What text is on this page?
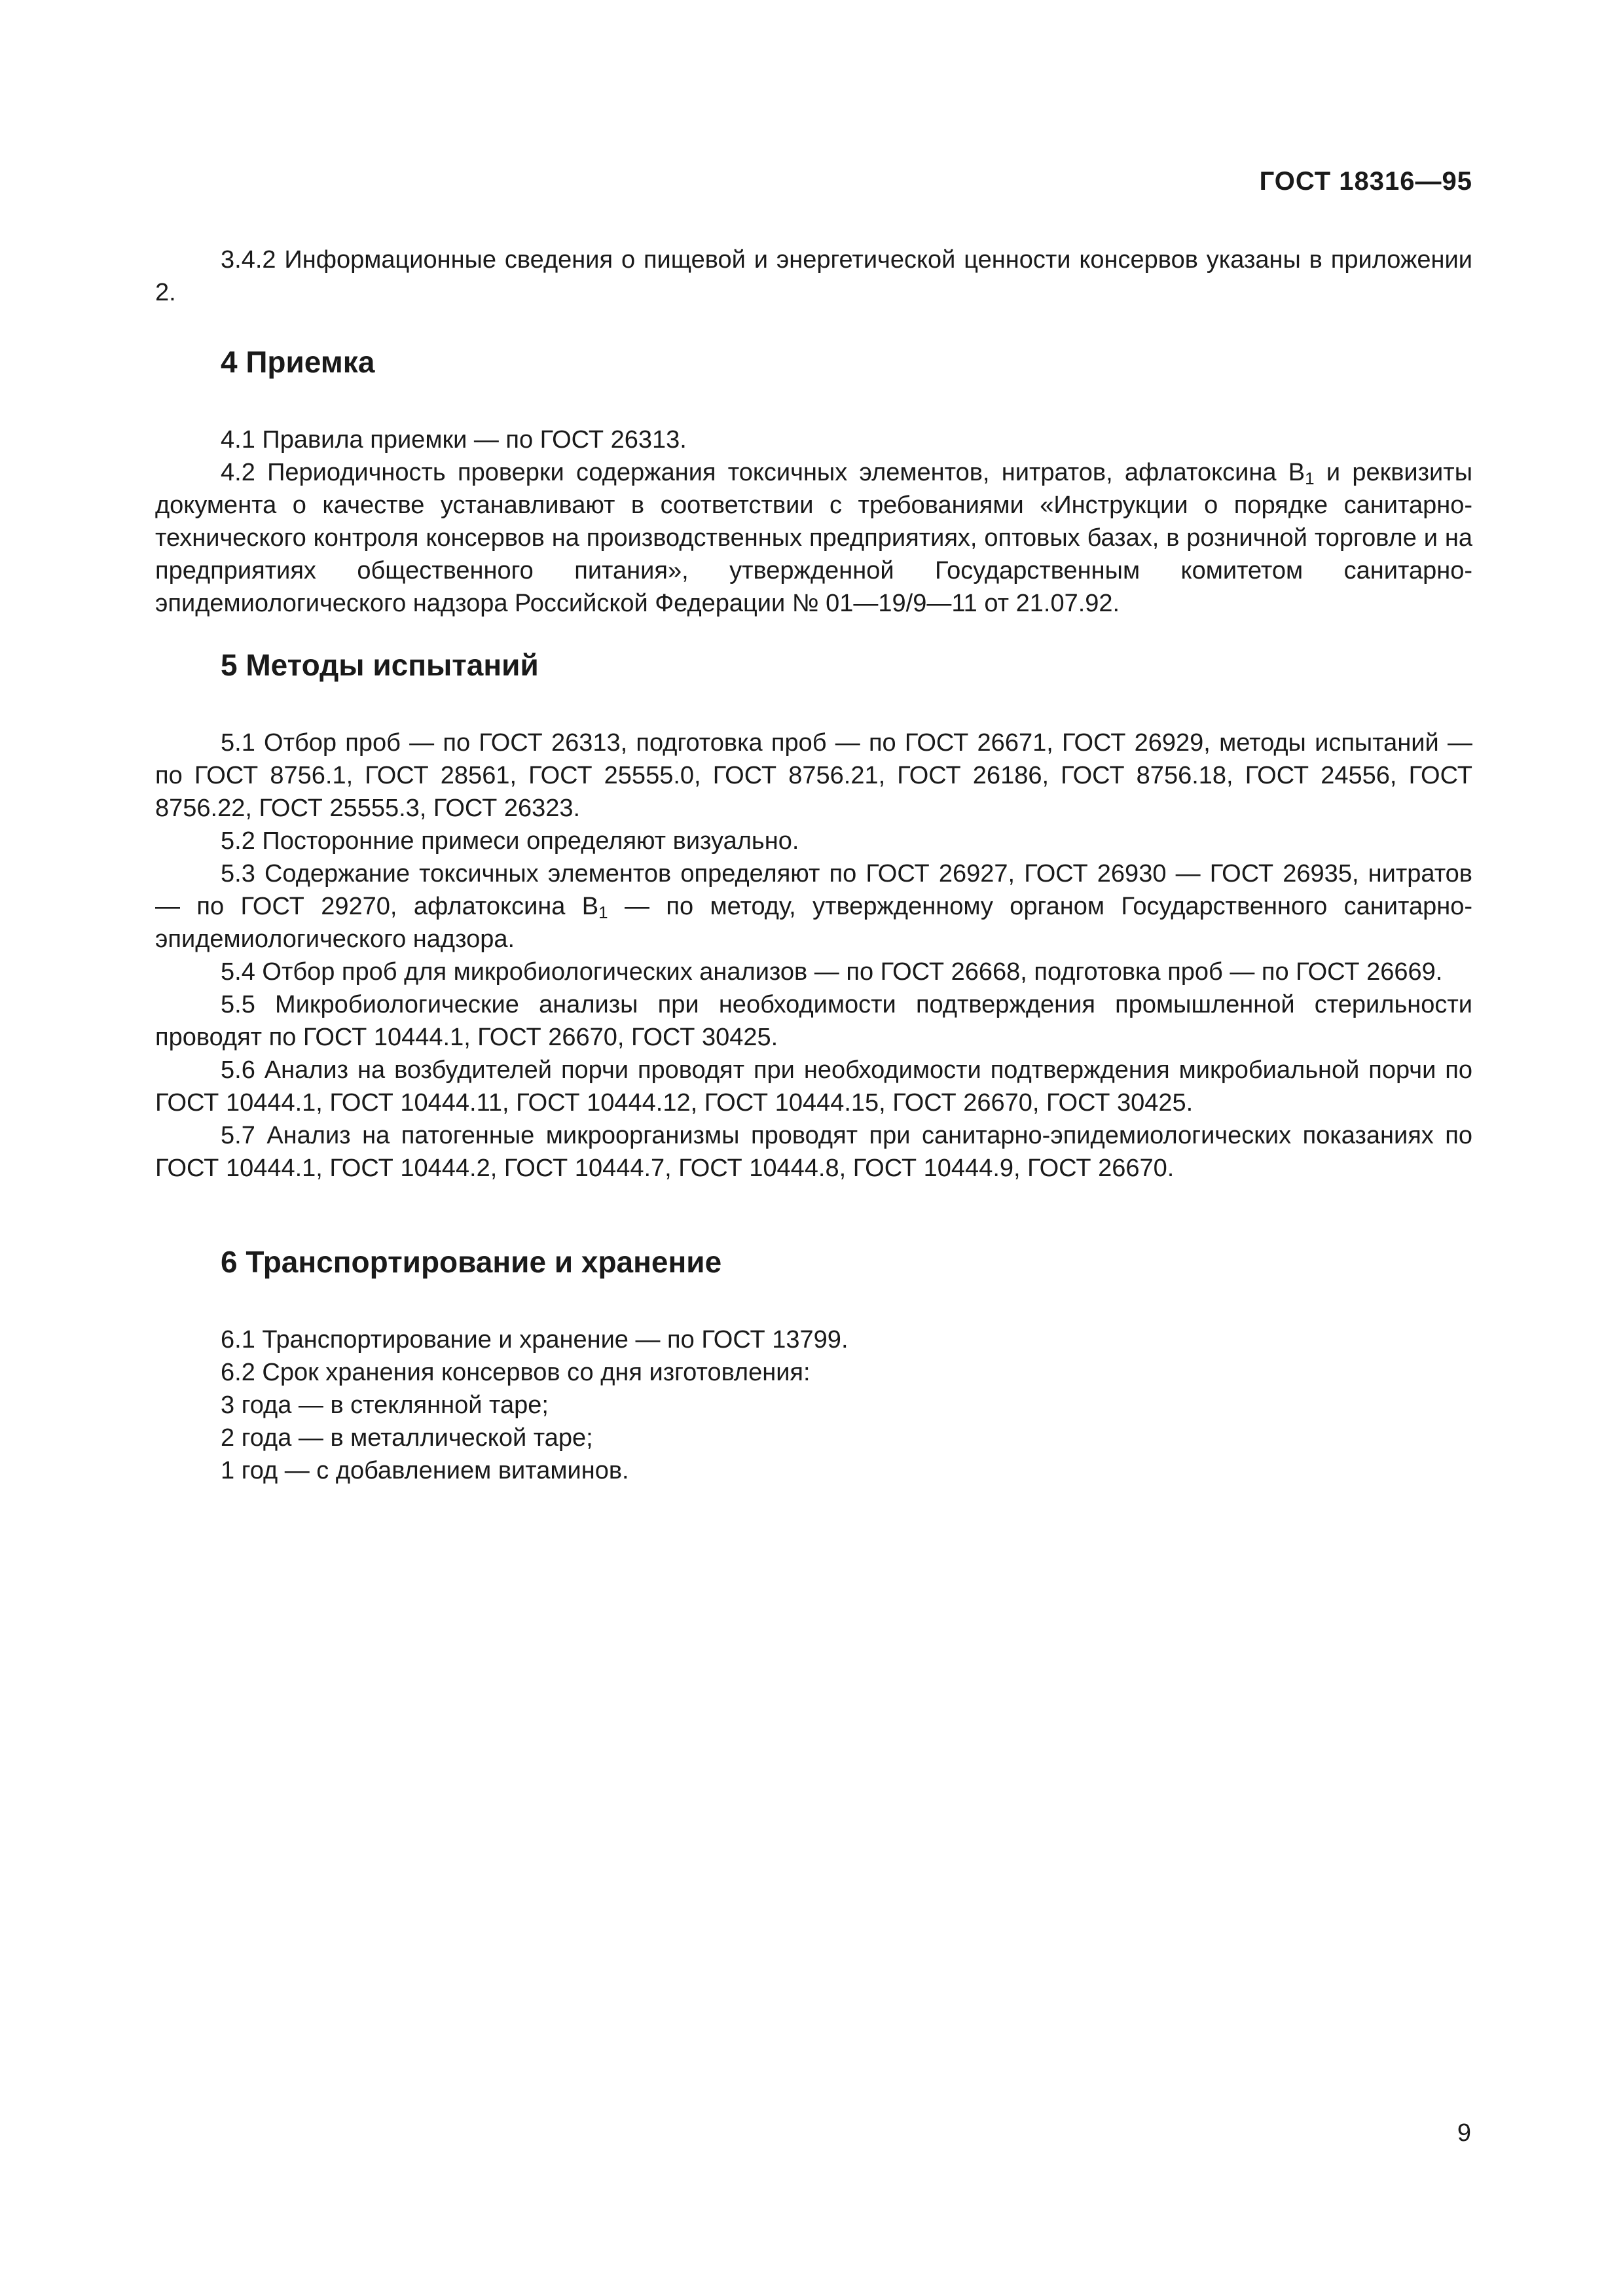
ГОСТ 18316—95

3.4.2 Информационные сведения о пищевой и энергетической ценности консервов указаны в приложении 2.

4 Приемка

4.1 Правила приемки — по ГОСТ 26313.

4.2 Периодичность проверки содержания токсичных элементов, нитратов, афлатоксина $B_1$ и реквизиты документа о качестве устанавливают в соответствии с требованиями «Инструкции о порядке санитарно-технического контроля консервов на производственных предприятиях, оптовых базах, в розничной торговле и на предприятиях общественного питания», утвержденной Государственным комитетом санитарно-эпидемиологического надзора Российской Федерации № 01—19/9—11 от 21.07.92.

5 Методы испытаний

5.1 Отбор проб — по ГОСТ 26313, подготовка проб — по ГОСТ 26671, ГОСТ 26929, методы испытаний — по ГОСТ 8756.1, ГОСТ 28561, ГОСТ 25555.0, ГОСТ 8756.21, ГОСТ 26186, ГОСТ 8756.18, ГОСТ 24556, ГОСТ 8756.22, ГОСТ 25555.3, ГОСТ 26323.

5.2 Посторонние примеси определяют визуально.

5.3 Содержание токсичных элементов определяют по ГОСТ 26927, ГОСТ 26930 — ГОСТ 26935, нитратов — по ГОСТ 29270, афлатоксина $B_1$ — по методу, утвержденному органом Государственного санитарно-эпидемиологического надзора.

5.4 Отбор проб для микробиологических анализов — по ГОСТ 26668, подготовка проб — по ГОСТ 26669.

5.5 Микробиологические анализы при необходимости подтверждения промышленной стерильности проводят по ГОСТ 10444.1, ГОСТ 26670, ГОСТ 30425.

5.6 Анализ на возбудителей порчи проводят при необходимости подтверждения микробиальной порчи по ГОСТ 10444.1, ГОСТ 10444.11, ГОСТ 10444.12, ГОСТ 10444.15, ГОСТ 26670, ГОСТ 30425.

5.7 Анализ на патогенные микроорганизмы проводят при санитарно-эпидемиологических показаниях по ГОСТ 10444.1, ГОСТ 10444.2, ГОСТ 10444.7, ГОСТ 10444.8, ГОСТ 10444.9, ГОСТ 26670.

6 Транспортирование и хранение

6.1 Транспортирование и хранение — по ГОСТ 13799.

6.2 Срок хранения консервов со дня изготовления:

3 года — в стеклянной таре;

2 года — в металлической таре;

1 год — с добавлением витаминов.

9
